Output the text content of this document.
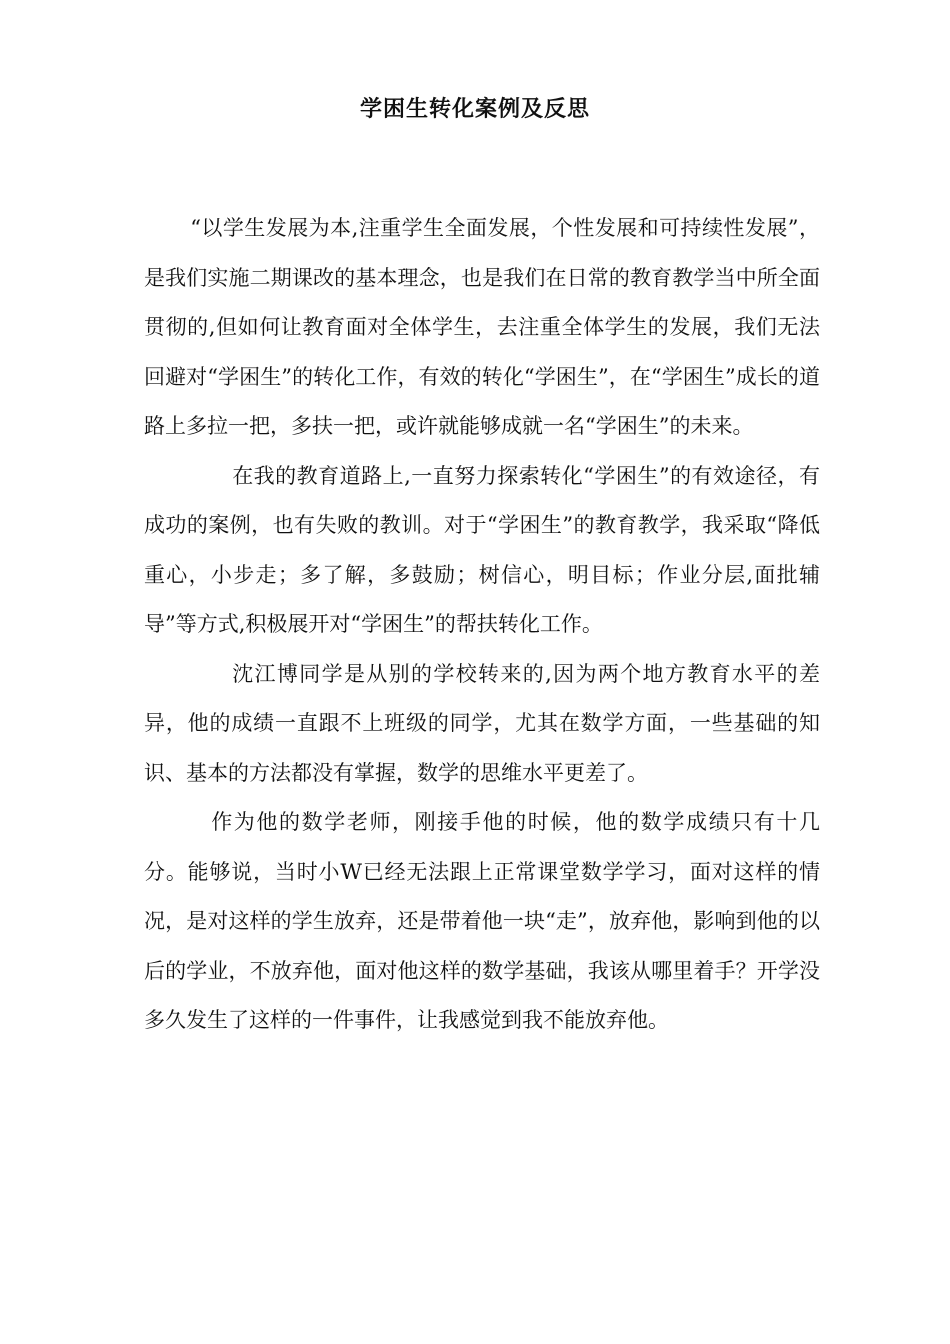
学困生转化案例及反思

“以学生发展为本,注重学生全面发展，个性发展和可持续性发展”，是我们实施二期课改的基本理念，也是我们在日常的教育教学当中所全面贯彻的,但如何让教育面对全体学生，去注重全体学生的发展，我们无法回避对“学困生”的转化工作，有效的转化“学困生”，在“学困生”成长的道路上多拉一把，多扶一把，或许就能够成就一名“学困生”的未来。

在我的教育道路上,一直努力探索转化“学困生”的有效途径，有成功的案例，也有失败的教训。对于“学困生”的教育教学，我采取“降低重心，小步走；多了解，多鼓励；树信心，明目标；作业分层,面批辅导”等方式,积极展开对“学困生”的帮扶转化工作。

沈江博同学是从别的学校转来的,因为两个地方教育水平的差异，他的成绩一直跟不上班级的同学，尤其在数学方面，一些基础的知识、基本的方法都没有掌握，数学的思维水平更差了。

作为他的数学老师，刚接手他的时候，他的数学成绩只有十几分。能够说，当时小W已经无法跟上正常课堂数学学习，面对这样的情况，是对这样的学生放弃，还是带着他一块“走”，放弃他，影响到他的以后的学业，不放弃他，面对他这样的数学基础，我该从哪里着手？开学没多久发生了这样的一件事件，让我感觉到我不能放弃他。
